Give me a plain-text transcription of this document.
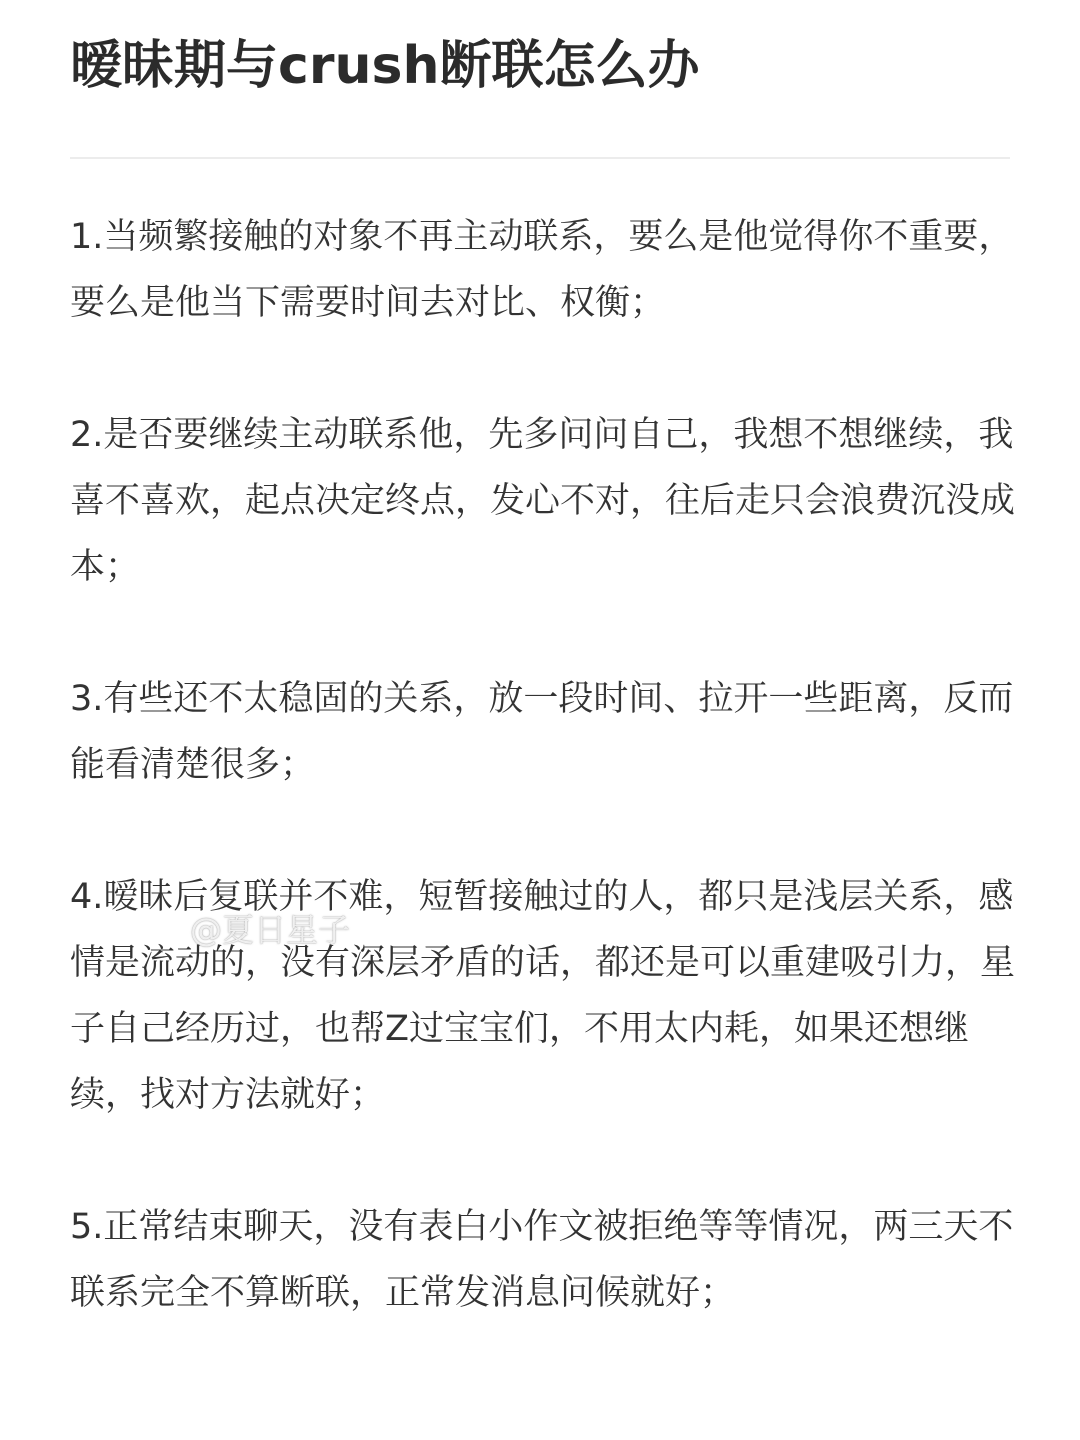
暧昧期与crush断联怎么办

1.当频繁接触的对象不再主动联系，要么是他觉得你不重要，要么是他当下需要时间去对比、权衡；

2.是否要继续主动联系他，先多问问自己，我想不想继续，我喜不喜欢，起点决定终点，发心不对，往后走只会浪费沉没成本；

3.有些还不太稳固的关系，放一段时间、拉开一些距离，反而能看清楚很多；

4.暧昧后复联并不难，短暂接触过的人，都只是浅层关系，感情是流动的，没有深层矛盾的话，都还是可以重建吸引力，星子自己经历过，也帮Z过宝宝们，不用太内耗，如果还想继续，找对方法就好；

5.正常结束聊天，没有表白小作文被拒绝等等情况，两三天不联系完全不算断联，正常发消息问候就好；

@夏日星子
